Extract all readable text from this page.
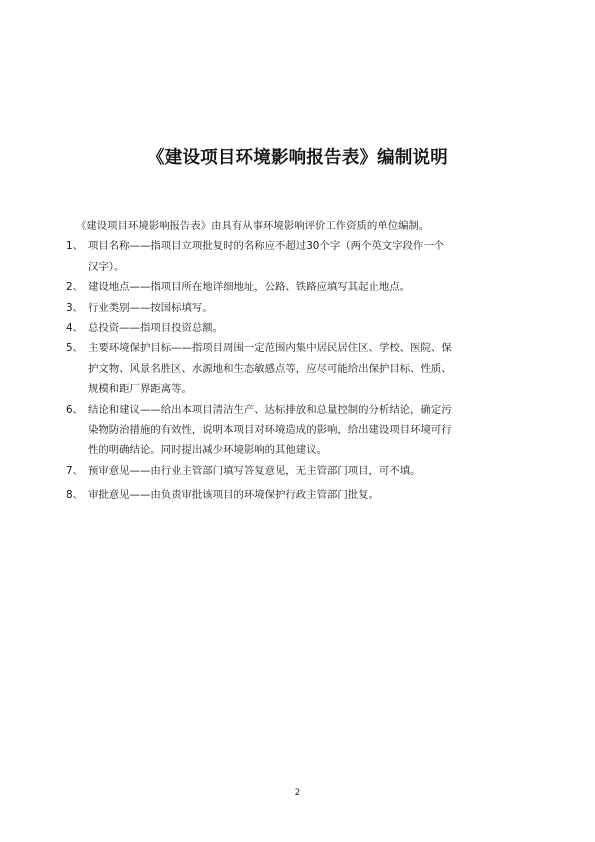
《建设项目环境影响报告表》编制说明
《建设项目环境影响报告表》由具有从事环境影响评价工作资质的单位编制。
1、 项目名称——指项目立项批复时的名称应不超过30个字（两个英文字段作一个
汉字）。
2、 建设地点——指项目所在地详细地址，公路、铁路应填写其起止地点。
3、 行业类别——按国标填写。
4、 总投资——指项目投资总额。
5、 主要环境保护目标——指项目周围一定范围内集中居民居住区、学校、医院、保
护文物、风景名胜区、水源地和生态敏感点等，应尽可能给出保护目标、性质、
规模和距厂界距离等。
6、 结论和建议——给出本项目清洁生产、达标排放和总量控制的分析结论，确定污
染物防治措施的有效性，说明本项目对环境造成的影响，给出建设项目环境可行
性的明确结论。同时提出减少环境影响的其他建议。
7、 预审意见——由行业主管部门填写答复意见，无主管部门项目，可不填。
8、 审批意见——由负责审批该项目的环境保护行政主管部门批复。
2
